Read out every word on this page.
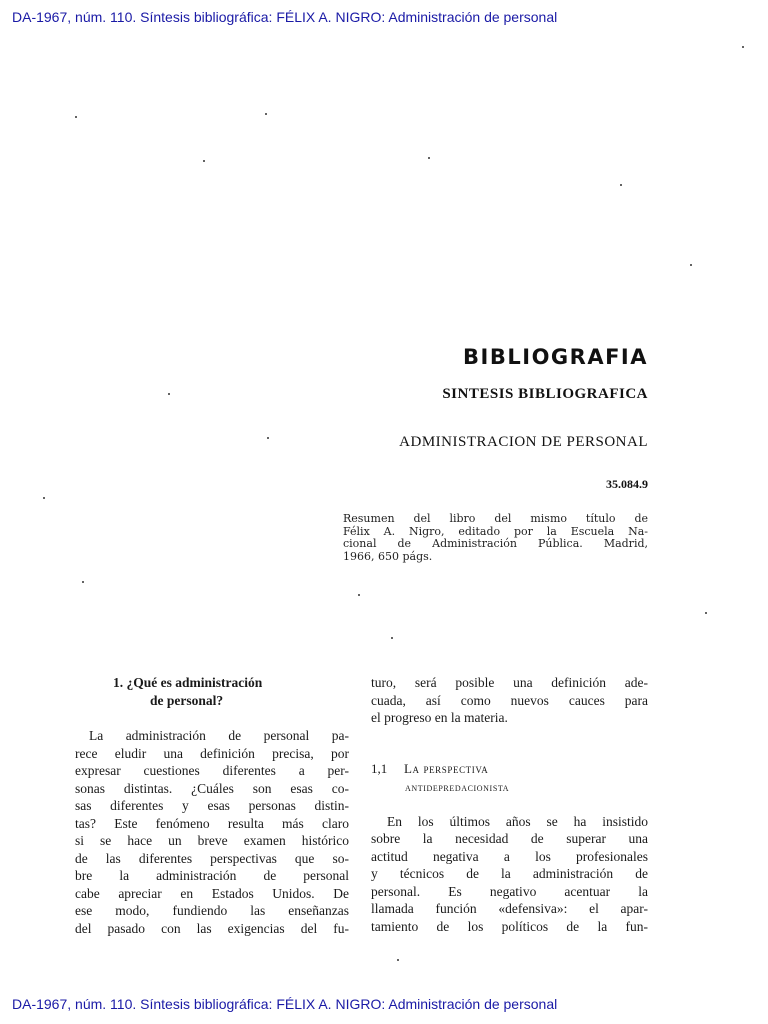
DA-1967, núm. 110. Síntesis bibliográfica: FÉLIX A. NIGRO: Administración de personal
BIBLIOGRAFIA
SINTESIS BIBLIOGRAFICA
ADMINISTRACION DE PERSONAL
35.084.9
Resumen del libro del mismo título de
Félix A. Nigro, editado por la Escuela Na-
cional de Administración Pública. Madrid,
1966, 650 págs.
1. ¿Qué es administración
de personal?
La administración de personal pa-
rece eludir una definición precisa, por
expresar cuestiones diferentes a per-
sonas distintas. ¿Cuáles son esas co-
sas diferentes y esas personas distin-
tas? Este fenómeno resulta más claro
si se hace un breve examen histórico
de las diferentes perspectivas que so-
bre la administración de personal
cabe apreciar en Estados Unidos. De
ese modo, fundiendo las enseñanzas
del pasado con las exigencias del fu-
turo, será posible una definición ade-
cuada, así como nuevos cauces para
el progreso en la materia.
1,1 La perspectiva
antidepredacionista
En los últimos años se ha insistido
sobre la necesidad de superar una
actitud negativa a los profesionales
y técnicos de la administración de
personal. Es negativo acentuar la
llamada función «defensiva»: el apar-
tamiento de los políticos de la fun-
DA-1967, núm. 110. Síntesis bibliográfica: FÉLIX A. NIGRO: Administración de personal
